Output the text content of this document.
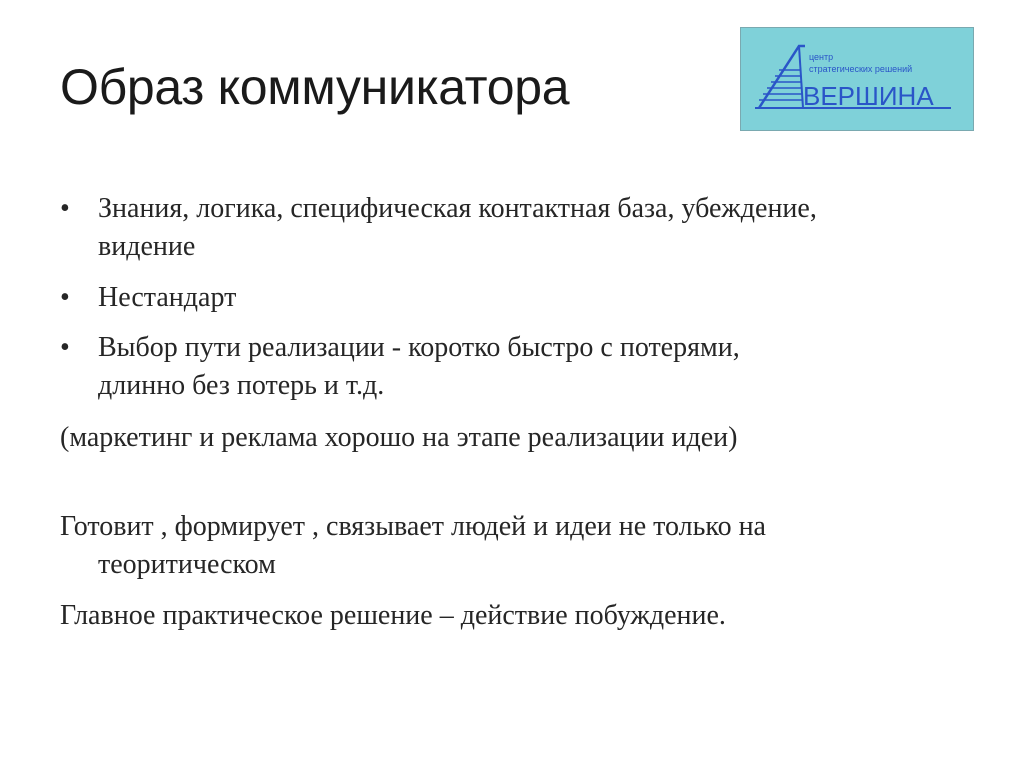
Образ коммуникатора
центр
стратегических решений
ВЕРШИНА
•	Знания, логика, специфическая контактная база, убеждение,
видение
•	Нестандарт
•	Выбор пути реализации - коротко быстро с потерями,
длинно без потерь и т.д.
(маркетинг и реклама хорошо на этапе реализации идеи)
Готовит , формирует , связывает людей и идеи не только на
теоритическом
Главное практическое решение – действие побуждение.
